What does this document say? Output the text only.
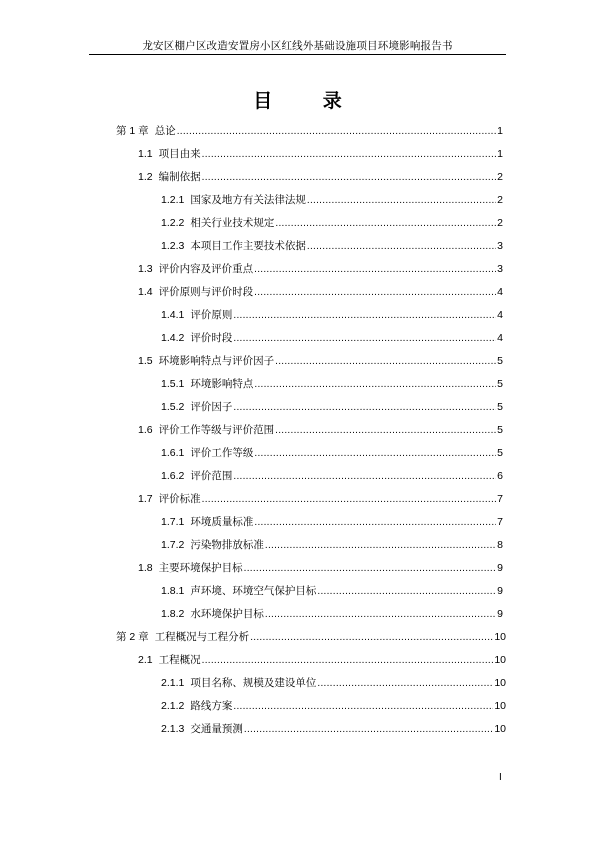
龙安区棚户区改造安置房小区红线外基础设施项目环境影响报告书
目 录
第 1 章 总论 .....	1
1.1 项目由来 .....	1
1.2 编制依据 .....	2
1.2.1 国家及地方有关法律法规 .....	2
1.2.2 相关行业技术规定 .....	2
1.2.3 本项目工作主要技术依据 .....	3
1.3 评价内容及评价重点 .....	3
1.4 评价原则与评价时段 .....	4
1.4.1 评价原则 .....	4
1.4.2 评价时段 .....	4
1.5 环境影响特点与评价因子 .....	5
1.5.1 环境影响特点 .....	5
1.5.2 评价因子 .....	5
1.6 评价工作等级与评价范围 .....	5
1.6.1 评价工作等级 .....	5
1.6.2 评价范围 .....	6
1.7 评价标准 .....	7
1.7.1 环境质量标准 .....	7
1.7.2 污染物排放标准 .....	8
1.8 主要环境保护目标 .....	9
1.8.1 声环境、环境空气保护目标 .....	9
1.8.2 水环境保护目标 .....	9
第 2 章 工程概况与工程分析 .....	10
2.1 工程概况 .....	10
2.1.1 项目名称、规模及建设单位 .....	10
2.1.2 路线方案 .....	10
2.1.3 交通量预测 .....	10
I
